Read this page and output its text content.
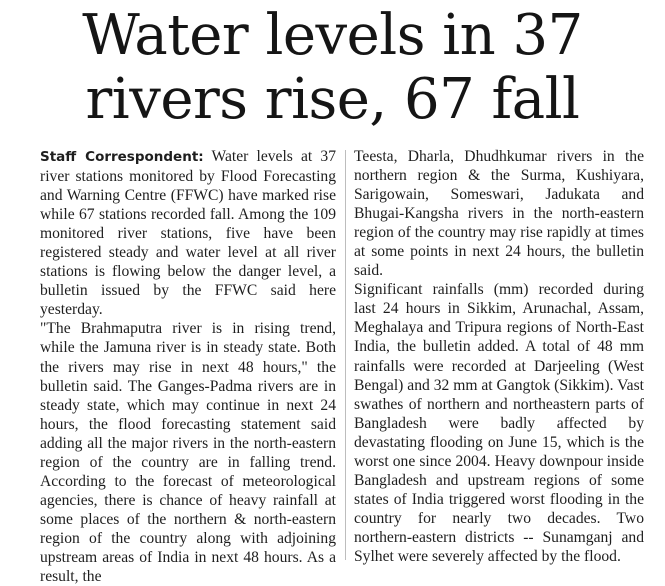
Water levels in 37
rivers rise, 67 fall

Staff Correspondent: Water levels at 37 river stations monitored by Flood Forecasting and Warning Centre (FFWC) have marked rise while 67 stations recorded fall. Among the 109 monitored river stations, five have been registered steady and water level at all river stations is flowing below the danger level, a bulletin issued by the FFWC said here yesterday.

"The Brahmaputra river is in rising trend, while the Jamuna river is in steady state. Both the rivers may rise in next 48 hours," the bulletin said. The Ganges-Padma rivers are in steady state, which may continue in next 24 hours, the flood forecasting statement said adding all the major rivers in the north-eastern region of the country are in falling trend. According to the forecast of meteorological agencies, there is chance of heavy rainfall at some places of the northern & north-eastern region of the country along with adjoining upstream areas of India in next 48 hours. As a result, the

Teesta, Dharla, Dhudhkumar rivers in the northern region & the Surma, Kushiyara, Sarigowain, Someswari, Jadukata and Bhugai-Kangsha rivers in the north-eastern region of the country may rise rapidly at times at some points in next 24 hours, the bulletin said.

Significant rainfalls (mm) recorded during last 24 hours in Sikkim, Arunachal, Assam, Meghalaya and Tripura regions of North-East India, the bulletin added. A total of 48 mm rainfalls were recorded at Darjeeling (West Bengal) and 32 mm at Gangtok (Sikkim). Vast swathes of northern and northeastern parts of Bangladesh were badly affected by devastating flooding on June 15, which is the worst one since 2004. Heavy downpour inside Bangladesh and upstream regions of some states of India triggered worst flooding in the country for nearly two decades. Two northern-eastern districts -- Sunamganj and Sylhet were severely affected by the flood.
